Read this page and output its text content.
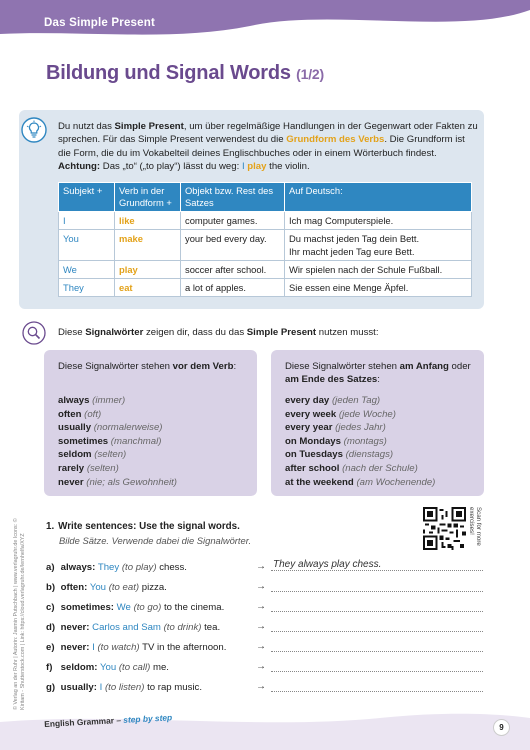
Das Simple Present
Bildung und Signal Words (1/2)
Du nutzt das Simple Present, um über regelmäßige Handlungen in der Gegenwart oder Fakten zu sprechen. Für das Simple Present verwendest du die Grundform des Verbs. Die Grundform ist die Form, die du im Vokabelteil deines Englischbuches oder in einem Wörterbuch findest. Achtung: Das „to“ („to play“) lässt du weg: I play the violin.
Subjekt +	Verb in der Grundform +	Objekt bzw. Rest des Satzes	Auf Deutsch:
I	like	computer games.	Ich mag Computerspiele.
You	make	your bed every day.	Du machst jeden Tag dein Bett.
Ihr macht jeden Tag eure Bett.
We	play	soccer after school.	Wir spielen nach der Schule Fußball.
They	eat	a lot of apples.	Sie essen eine Menge Äpfel.
Diese Signalwörter zeigen dir, dass du das Simple Present nutzen musst:
Diese Signalwörter stehen vor dem Verb:
always (immer)
often (oft)
usually (normalerweise)
sometimes (manchmal)
seldom (selten)
rarely (selten)
never (nie; als Gewohnheit)
Diese Signalwörter stehen am Anfang oder am Ende des Satzes:
every day (jeden Tag)
every week (jede Woche)
every year (jedes Jahr)
on Mondays (montags)
on Tuesdays (dienstags)
after school (nach der Schule)
at the weekend (am Wochenende)
© Verlag an der Ruhr | Autorin: Jasmin Putschbach | www.verlagruhr.de Icons: © Kiritam - Shutterstock.com | Link: https://cloud.verlagruhr.de/lernhelfa/XYZ
Scan for more exercises!
1. Write sentences: Use the signal words.
Bilde Sätze. Verwende dabei die Signalwörter.
a) always: They (to play) chess.	→ They always play chess.
b) often: You (to eat) pizza.	→
c) sometimes: We (to go) to the cinema.	→
d) never: Carlos and Sam (to drink) tea.	→
e) never: I (to watch) TV in the afternoon.	→
f) seldom: You (to call) me.	→
g) usually: I (to listen) to rap music.	→
English Grammar – step by step
9
